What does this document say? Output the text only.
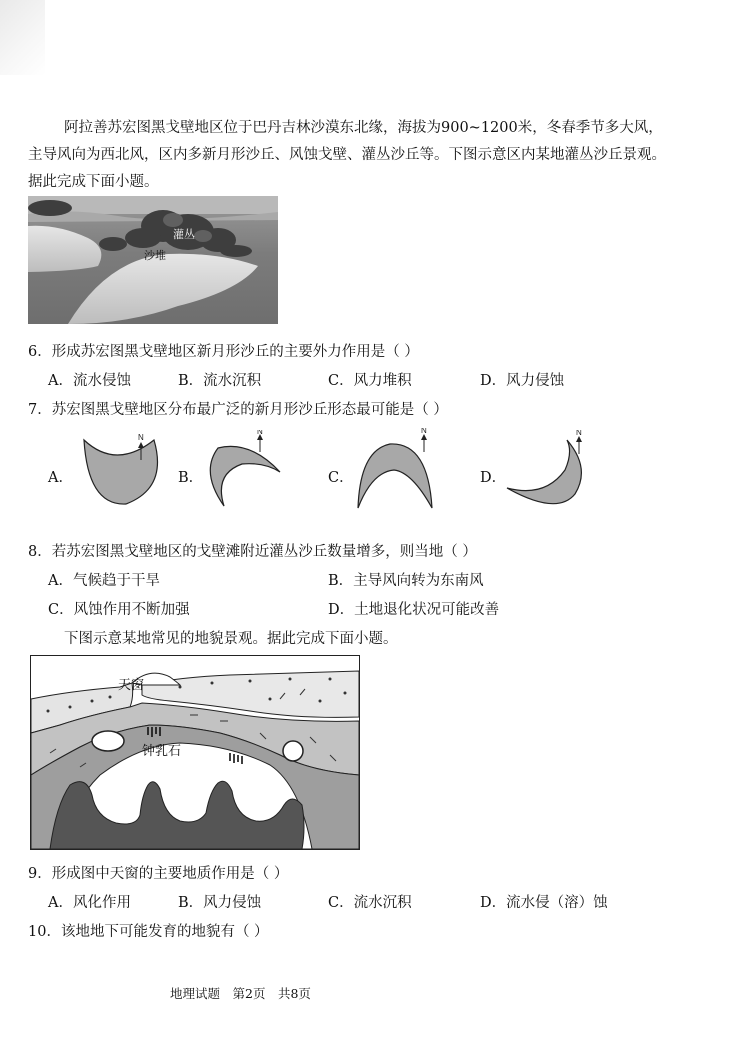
阿拉善苏宏图黑戈壁地区位于巴丹吉林沙漠东北缘，海拔为900~1200米，冬春季节多大风，
主导风向为西北风，区内多新月形沙丘、风蚀戈壁、灌丛沙丘等。下图示意区内某地灌丛沙丘景观。
据此完成下面小题。
灌丛
沙堆
6．形成苏宏图黑戈壁地区新月形沙丘的主要外力作用是（ ）
A．流水侵蚀	B．流水沉积	C．风力堆积	D．风力侵蚀
7．苏宏图黑戈壁地区分布最广泛的新月形沙丘形态最可能是（ ）
A．
N
B．
N
C．
N
D．
N
8．若苏宏图黑戈壁地区的戈壁滩附近灌丛沙丘数量增多，则当地（ ）
A．气候趋于干旱	B．主导风向转为东南风
C．风蚀作用不断加强	D．土地退化状况可能改善
下图示意某地常见的地貌景观。据此完成下面小题。
天窗
钟乳石
9．形成图中天窗的主要地质作用是（ ）
A．风化作用	B．风力侵蚀	C．流水沉积	D．流水侵（溶）蚀
10．该地地下可能发育的地貌有（ ）
地理试题　第2页　共8页
